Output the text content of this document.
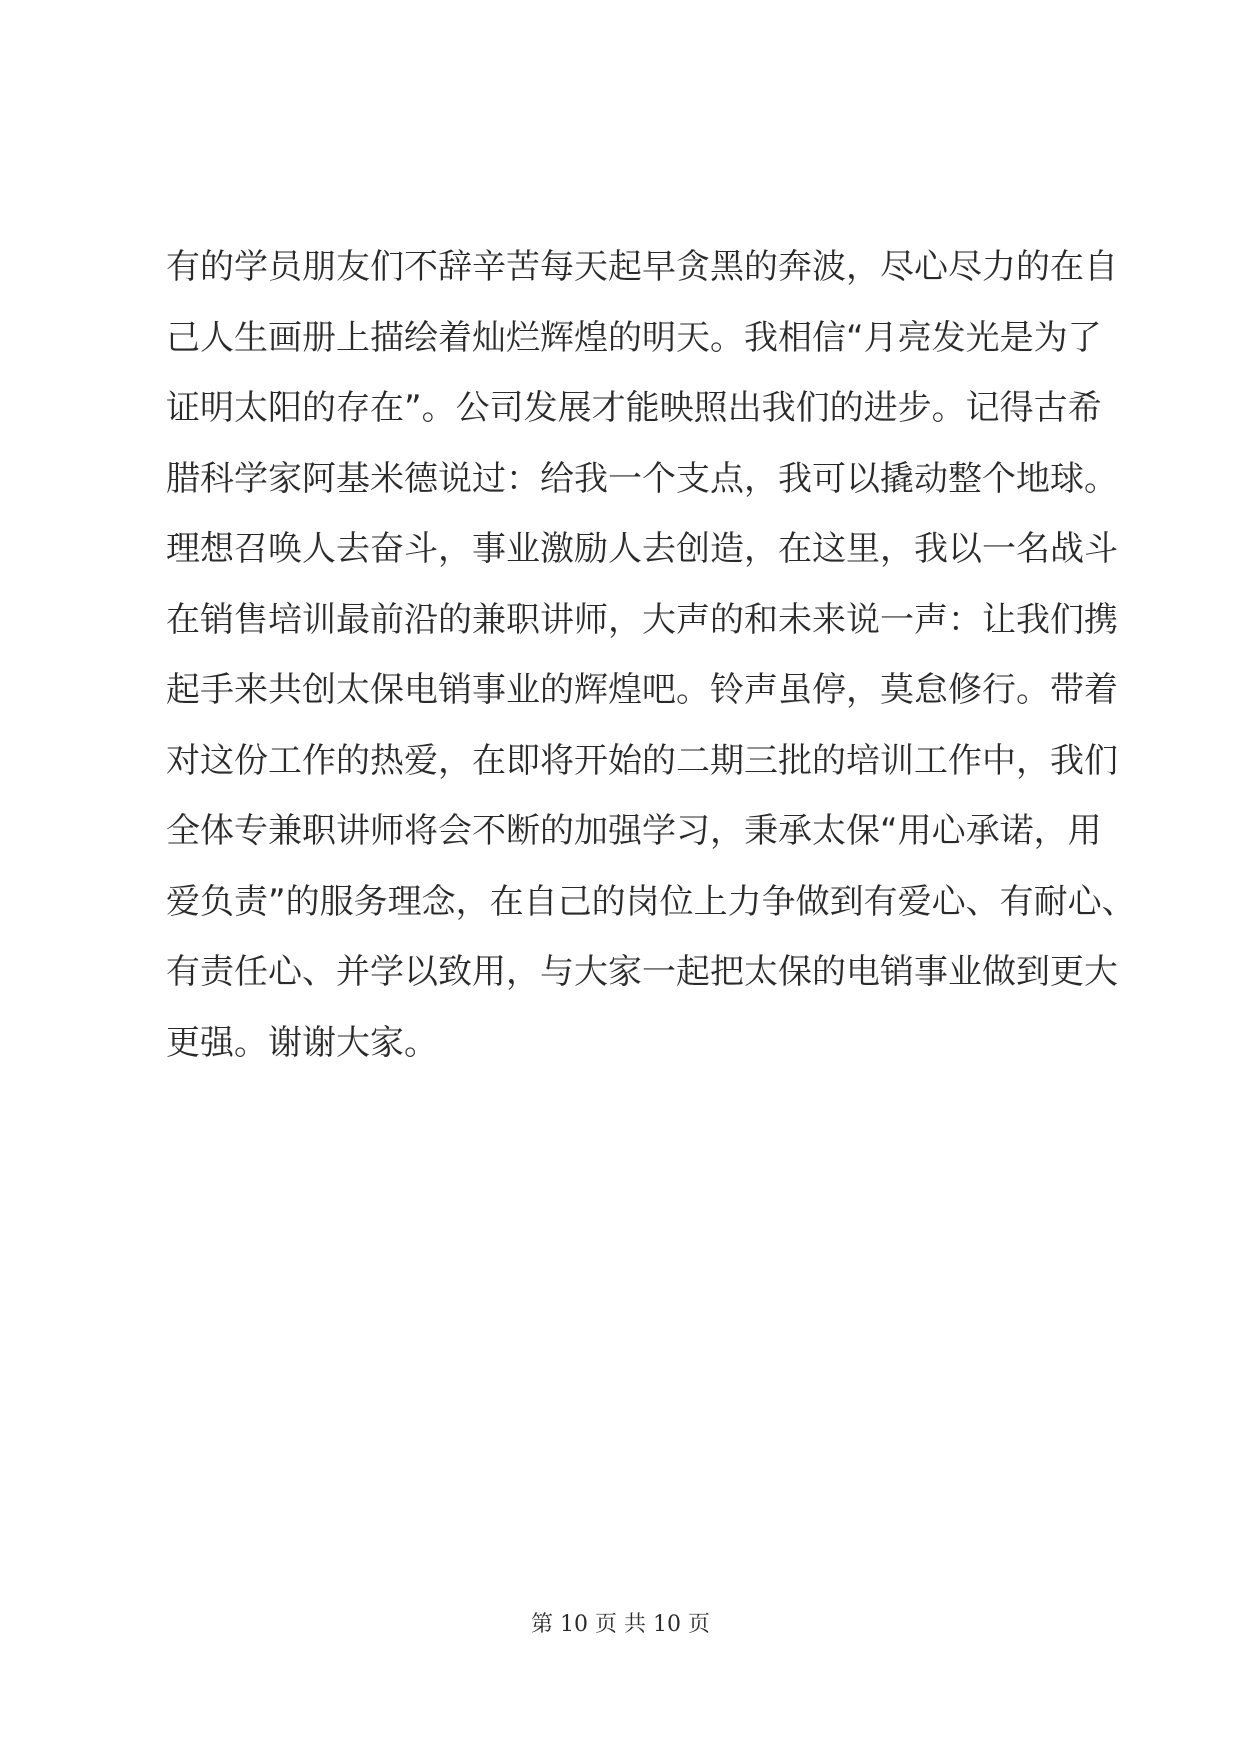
有的学员朋友们不辞辛苦每天起早贪黑的奔波，尽心尽力的在自
己人生画册上描绘着灿烂辉煌的明天。我相信“月亮发光是为了
证明太阳的存在”。公司发展才能映照出我们的进步。记得古希
腊科学家阿基米德说过：给我一个支点，我可以撬动整个地球。
理想召唤人去奋斗，事业激励人去创造，在这里，我以一名战斗
在销售培训最前沿的兼职讲师，大声的和未来说一声：让我们携
起手来共创太保电销事业的辉煌吧。铃声虽停，莫怠修行。带着
对这份工作的热爱，在即将开始的二期三批的培训工作中，我们
全体专兼职讲师将会不断的加强学习，秉承太保“用心承诺，用
爱负责”的服务理念，在自己的岗位上力争做到有爱心、有耐心、
有责任心、并学以致用，与大家一起把太保的电销事业做到更大
更强。谢谢大家。
第 10 页 共 10 页
